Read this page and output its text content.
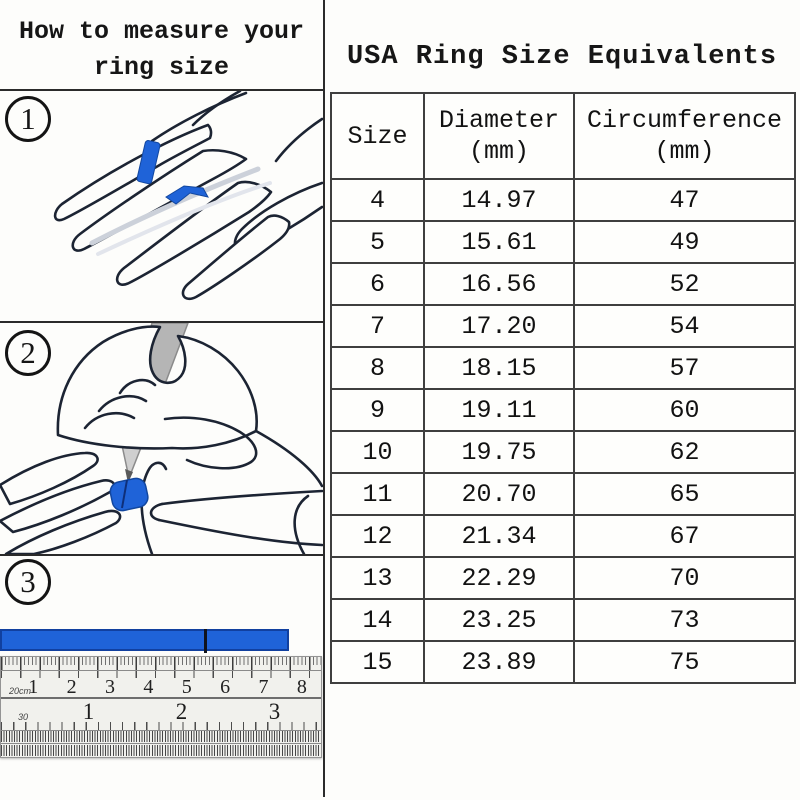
How to measure your
ring size
1
2
3
20cm
1	2	3	4	5	6	7	8
30	1	2	3
USA Ring Size Equivalents
Size

Diameter
(mm)

Circumference
(mm)

4	14.97	47
5	15.61	49
6	16.56	52
7	17.20	54
8	18.15	57
9	19.11	60
10	19.75	62
11	20.70	65
12	21.34	67
13	22.29	70
14	23.25	73
15	23.89	75
